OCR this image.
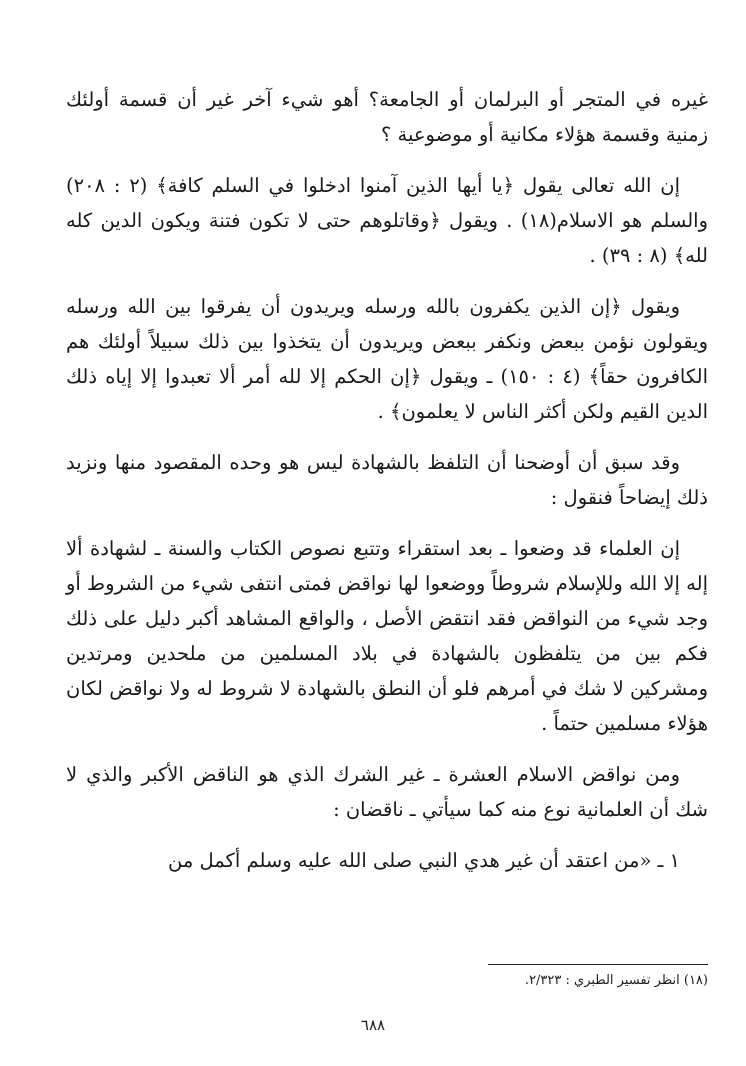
غيره في المتجر أو البرلمان أو الجامعة؟ أهو شيء آخر غير أن قسمة أولئك زمنية وقسمة هؤلاء مكانية أو موضوعية ؟

إن الله تعالى يقول ﴿يا أيها الذين آمنوا ادخلوا في السلم كافة﴾ (٢ : ٢٠٨) والسلم هو الاسلام(١٨) . ويقول ﴿وقاتلوهم حتى لا تكون فتنة ويكون الدين كله لله﴾ (٨ : ٣٩) .

ويقول ﴿إن الذين يكفرون بالله ورسله ويريدون أن يفرقوا بين الله ورسله ويقولون نؤمن ببعض ونكفر ببعض ويريدون أن يتخذوا بين ذلك سبيلاً أولئك هم الكافرون حقاً﴾ (٤ : ١٥٠) ـ ويقول ﴿إن الحكم إلا لله أمر ألا تعبدوا إلا إياه ذلك الدين القيم ولكن أكثر الناس لا يعلمون﴾ .

وقد سبق أن أوضحنا أن التلفظ بالشهادة ليس هو وحده المقصود منها ونزيد ذلك إيضاحاً فنقول :

إن العلماء قد وضعوا ـ بعد استقراء وتتبع نصوص الكتاب والسنة ـ لشهادة ألا إله إلا الله وللإسلام شروطاً ووضعوا لها نواقض فمتى انتفى شيء من الشروط أو وجد شيء من النواقض فقد انتقض الأصل ، والواقع المشاهد أكبر دليل على ذلك فكم بين من يتلفظون بالشهادة في بلاد المسلمين من ملحدين ومرتدين ومشركين لا شك في أمرهم فلو أن النطق بالشهادة لا شروط له ولا نواقض لكان هؤلاء مسلمين حتماً .

ومن نواقض الاسلام العشرة ـ غير الشرك الذي هو الناقض الأكبر والذي لا شك أن العلمانية نوع منه كما سيأتي ـ ناقضان :

١ ـ «من اعتقد أن غير هدي النبي صلى الله عليه وسلم أكمل من

(١٨) انظر تفسير الطبري : ٢/٣٢٣.
٦٨٨
